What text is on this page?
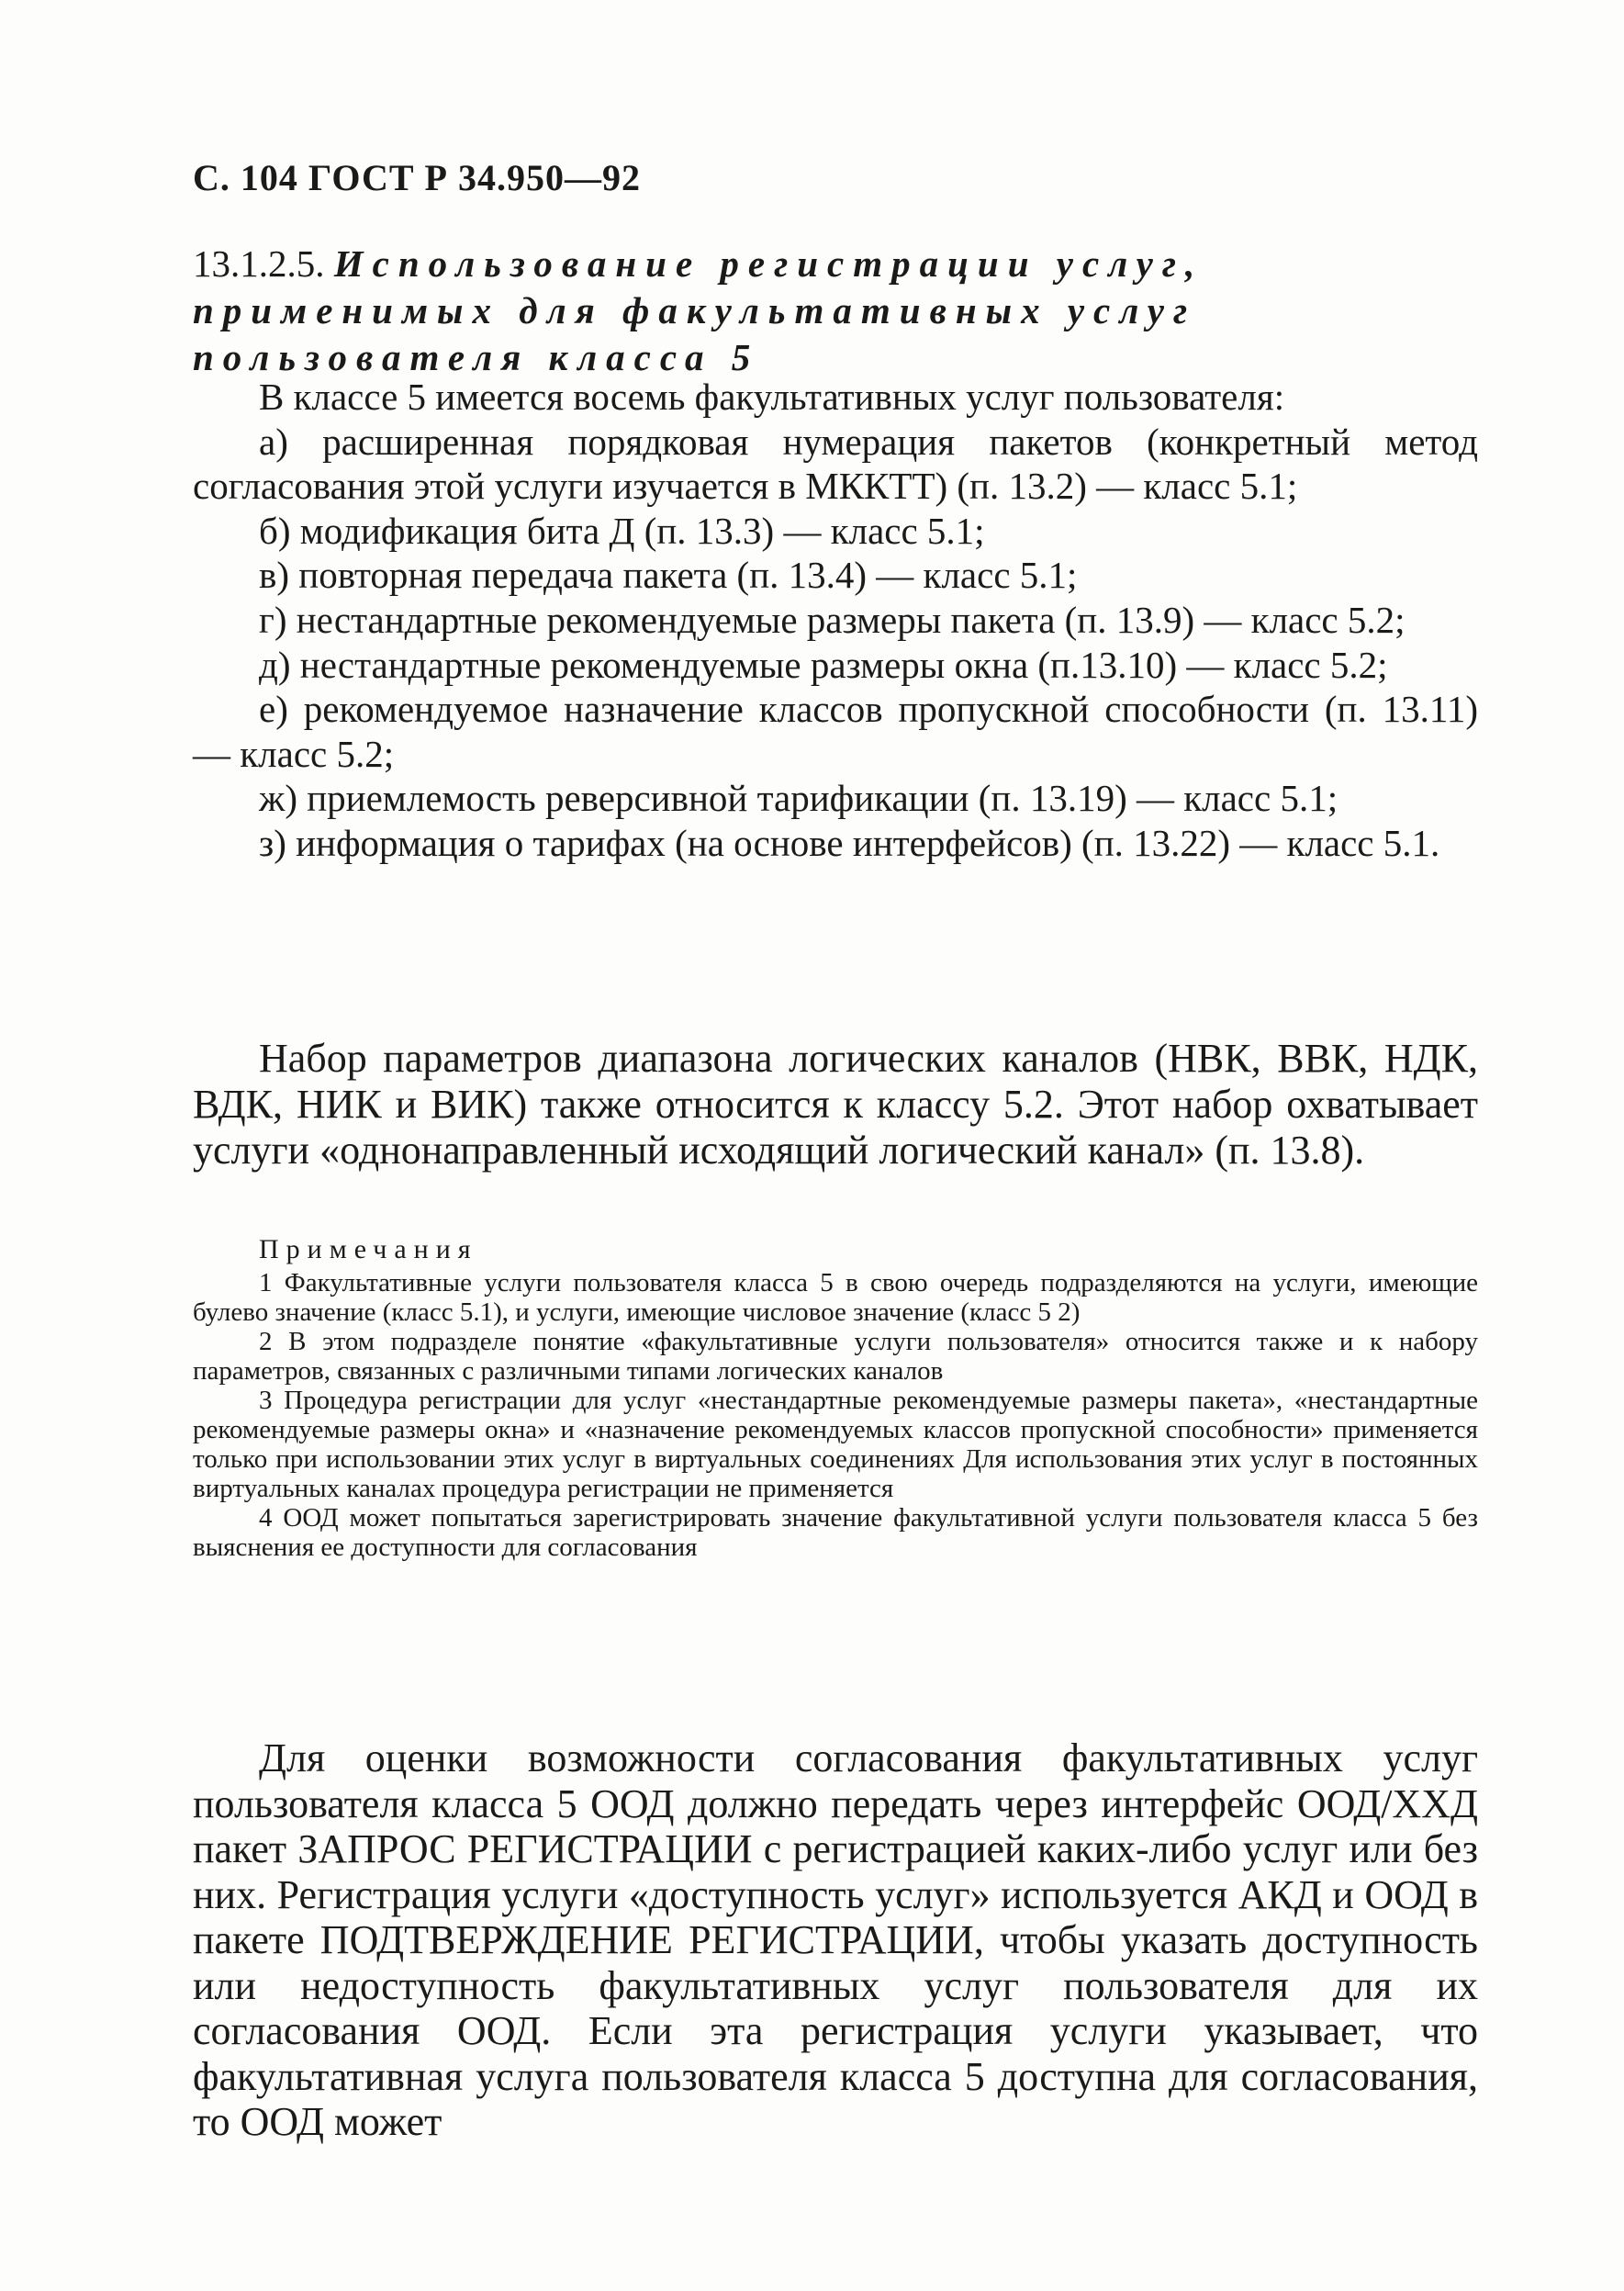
С. 104 ГОСТ Р 34.950—92
13.1.2.5. Использование регистрации услуг, применимых для факультативных услуг пользователя класса 5

В классе 5 имеется восемь факультативных услуг пользователя:

а) расширенная порядковая нумерация пакетов (конкретный метод согласования этой услуги изучается в МККТТ) (п. 13.2) — класс 5.1;

б) модификация бита Д (п. 13.3) — класс 5.1;

в) повторная передача пакета (п. 13.4) — класс 5.1;

г) нестандартные рекомендуемые размеры пакета (п. 13.9) — класс 5.2;

д) нестандартные рекомендуемые размеры окна (п.13.10) — класс 5.2;

е) рекомендуемое назначение классов пропускной способности (п. 13.11) — класс 5.2;

ж) приемлемость реверсивной тарификации (п. 13.19) — класс 5.1;

з) информация о тарифах (на основе интерфейсов) (п. 13.22) — класс 5.1.

Набор параметров диапазона логических каналов (НВК, ВВК, НДК, ВДК, НИК и ВИК) также относится к классу 5.2. Этот набор охватывает услуги «однонаправленный исходящий логический канал» (п. 13.8).

Примечания

1 Факультативные услуги пользователя класса 5 в свою очередь подразделяются на услуги, имеющие булево значение (класс 5.1), и услуги, имеющие числовое значение (класс 5 2)

2 В этом подразделе понятие «факультативные услуги пользователя» относится также и к набору параметров, связанных с различными типами логических каналов

3 Процедура регистрации для услуг «нестандартные рекомендуемые размеры пакета», «нестандартные рекомендуемые размеры окна» и «назначение рекомендуемых классов пропускной способности» применяется только при использовании этих услуг в виртуальных соединениях Для использования этих услуг в постоянных виртуальных каналах процедура регистрации не применяется

4 ООД может попытаться зарегистрировать значение факультативной услуги пользователя класса 5 без выяснения ее доступности для согласования

Для оценки возможности согласования факультативных услуг пользователя класса 5 ООД должно передать через интерфейс ООД/ХХД пакет ЗАПРОС РЕГИСТРАЦИИ с регистрацией каких-либо услуг или без них. Регистрация услуги «доступность услуг» используется АКД и ООД в пакете ПОДТВЕРЖДЕНИЕ РЕГИСТРАЦИИ, чтобы указать доступность или недоступность факультативных услуг пользователя для их согласования ООД. Если эта регистрация услуги указывает, что факультативная услуга пользователя класса 5 доступна для согласования, то ООД может
